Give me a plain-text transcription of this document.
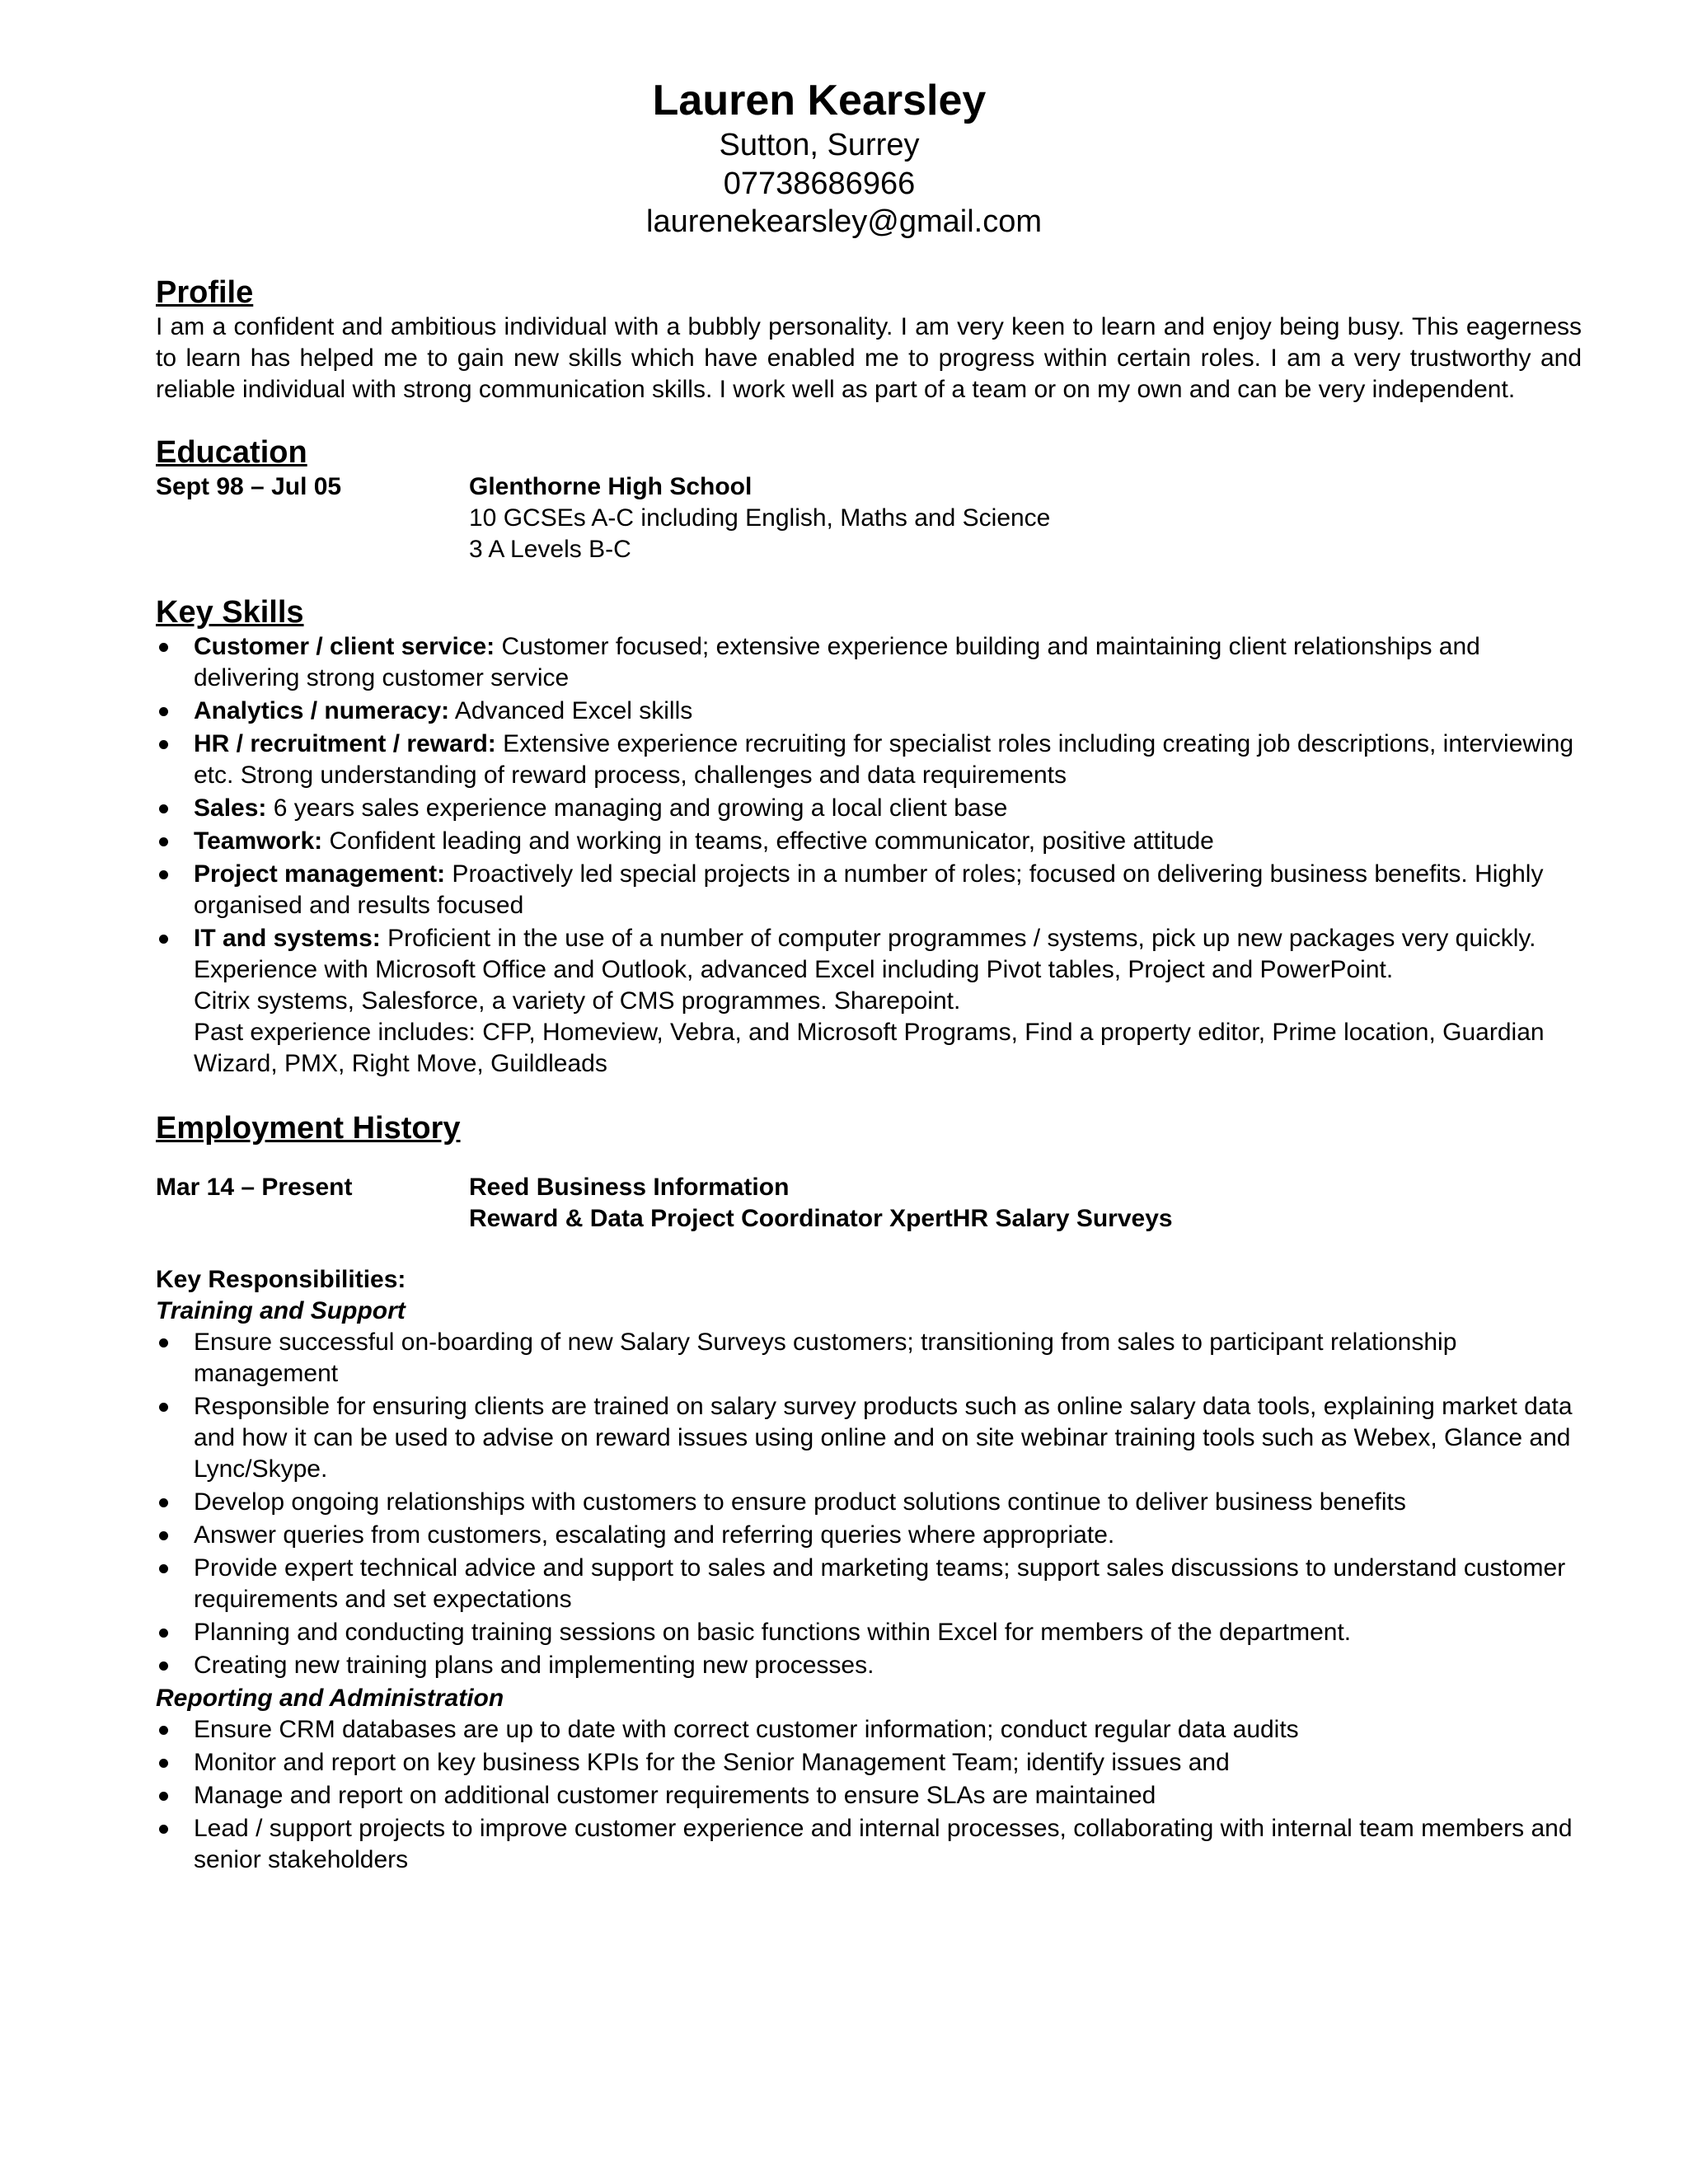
Lauren Kearsley
Sutton, Surrey
07738686966
laurenekearsley@gmail.com
Profile

I am a confident and ambitious individual with a bubbly personality. I am very keen to learn and enjoy being busy. This eagerness to learn has helped me to gain new skills which have enabled me to progress within certain roles. I am a very trustworthy and reliable individual with strong communication skills. I work well as part of a team or on my own and can be very independent.

Education
Sept 98 – Jul 05	Glenthorne High School
10 GCSEs A-C including English, Maths and Science
3 A Levels B-C
Key Skills
Customer / client service: Customer focused; extensive experience building and maintaining client relationships and delivering strong customer service
Analytics / numeracy: Advanced Excel skills
HR / recruitment / reward: Extensive experience recruiting for specialist roles including creating job descriptions, interviewing etc. Strong understanding of reward process, challenges and data requirements
Sales: 6 years sales experience managing and growing a local client base
Teamwork: Confident leading and working in teams, effective communicator, positive attitude
Project management: Proactively led special projects in a number of roles; focused on delivering business benefits. Highly organised and results focused
IT and systems: Proficient in the use of a number of computer programmes / systems, pick up new packages very quickly.
Experience with Microsoft Office and Outlook, advanced Excel including Pivot tables, Project and PowerPoint.
Citrix systems, Salesforce, a variety of CMS programmes. Sharepoint.
Past experience includes: CFP, Homeview, Vebra, and Microsoft Programs, Find a property editor, Prime location, Guardian Wizard, PMX, Right Move, Guildleads
Employment History
Mar 14 – Present	Reed Business Information
Reward & Data Project Coordinator XpertHR Salary Surveys
Key Responsibilities:
Training and Support
Ensure successful on-boarding of new Salary Surveys customers; transitioning from sales to participant relationship management
Responsible for ensuring clients are trained on salary survey products such as online salary data tools, explaining market data and how it can be used to advise on reward issues using online and on site webinar training tools such as Webex, Glance and Lync/Skype.
Develop ongoing relationships with customers to ensure product solutions continue to deliver business benefits
Answer queries from customers, escalating and referring queries where appropriate.
Provide expert technical advice and support to sales and marketing teams; support sales discussions to understand customer requirements and set expectations
Planning and conducting training sessions on basic functions within Excel for members of the department.
Creating new training plans and implementing new processes.
Reporting and Administration
Ensure CRM databases are up to date with correct customer information; conduct regular data audits
Monitor and report on key business KPIs for the Senior Management Team; identify issues and
Manage and report on additional customer requirements to ensure SLAs are maintained
Lead / support projects to improve customer experience and internal processes, collaborating with internal team members and senior stakeholders
